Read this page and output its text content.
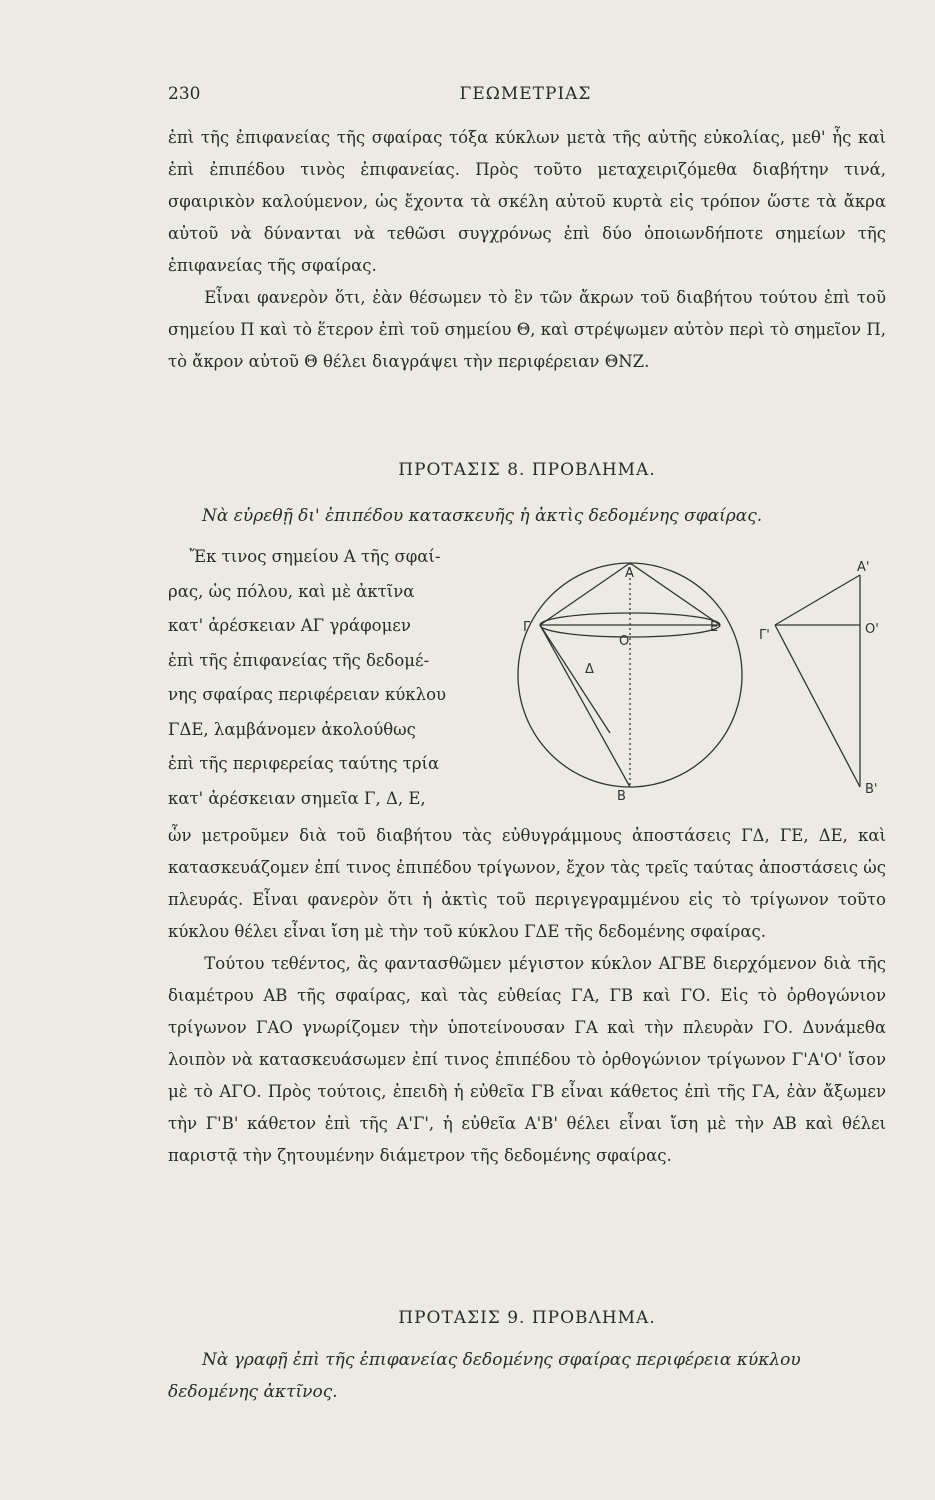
230	ΓΕΩΜΕΤΡΙΑΣ

ἐπὶ τῆς ἐπιφανείας τῆς σφαίρας τόξα κύκλων μετὰ τῆς αὐτῆς εὐκολίας, μεθ' ἧς καὶ ἐπὶ ἐπιπέδου τινὸς ἐπιφανείας. Πρὸς τοῦτο μεταχειριζόμεθα διαβήτην τινά, σφαιρικὸν καλούμενον, ὡς ἔχοντα τὰ σκέλη αὐτοῦ κυρτὰ εἰς τρόπον ὥστε τὰ ἄκρα αὐτοῦ νὰ δύνανται νὰ τεθῶσι συγχρόνως ἐπὶ δύο ὁποιωνδήποτε σημείων τῆς ἐπιφανείας τῆς σφαίρας.

Εἶναι φανερὸν ὅτι, ἐὰν θέσωμεν τὸ ἓν τῶν ἄκρων τοῦ διαβήτου τούτου ἐπὶ τοῦ σημείου Π καὶ τὸ ἕτερον ἐπὶ τοῦ σημείου Θ, καὶ στρέψωμεν αὐτὸν περὶ τὸ σημεῖον Π, τὸ ἄκρον αὐτοῦ Θ θέλει διαγράψει τὴν περιφέρειαν ΘΝΖ.

ΠΡΟΤΑΣΙΣ 8. ΠΡΟΒΛΗΜΑ.
Νὰ εὑρεθῇ δι' ἐπιπέδου κατασκευῆς ἡ ἀκτὶς δεδομένης σφαίρας.

Ἔκ τινος σημείου Α τῆς σφαί-

ρας, ὡς πόλου, καὶ μὲ ἀκτῖνα

κατ' ἀρέσκειαν ΑΓ γράφομεν

ἐπὶ τῆς ἐπιφανείας τῆς δεδομέ-

νης σφαίρας περιφέρειαν κύκλου

ΓΔΕ, λαμβάνομεν ἀκολούθως

ἐπὶ τῆς περιφερείας ταύτης τρία

κατ' ἀρέσκειαν σημεῖα Γ, Δ, Ε,

Α
Γ	Ε
Ο
Δ
Β
Α'
Γ'	Ο'
Β'

ὧν μετροῦμεν διὰ τοῦ διαβήτου τὰς εὐθυγράμμους ἀποστάσεις ΓΔ, ΓΕ, ΔΕ, καὶ κατασκευάζομεν ἐπί τινος ἐπιπέδου τρίγωνον, ἔχον τὰς τρεῖς ταύτας ἀποστάσεις ὡς πλευράς. Εἶναι φανερὸν ὅτι ἡ ἀκτὶς τοῦ περιγεγραμμένου εἰς τὸ τρίγωνον τοῦτο κύκλου θέλει εἶναι ἴση μὲ τὴν τοῦ κύκλου ΓΔΕ τῆς δεδομένης σφαίρας.

Τούτου τεθέντος, ἂς φαντασθῶμεν μέγιστον κύκλον ΑΓΒΕ διερχόμενον διὰ τῆς διαμέτρου ΑΒ τῆς σφαίρας, καὶ τὰς εὐθείας ΓΑ, ΓΒ καὶ ΓΟ. Εἰς τὸ ὀρθογώνιον τρίγωνον ΓΑΟ γνωρίζομεν τὴν ὑποτείνουσαν ΓΑ καὶ τὴν πλευρὰν ΓΟ. Δυνάμεθα λοιπὸν νὰ κατασκευάσωμεν ἐπί τινος ἐπιπέδου τὸ ὀρθογώνιον τρίγωνον Γ'Α'Ο' ἴσον μὲ τὸ ΑΓΟ. Πρὸς τούτοις, ἐπειδὴ ἡ εὐθεῖα ΓΒ εἶναι κάθετος ἐπὶ τῆς ΓΑ, ἐὰν ἄξωμεν τὴν Γ'Β' κάθετον ἐπὶ τῆς Α'Γ', ἡ εὐθεῖα Α'Β' θέλει εἶναι ἴση μὲ τὴν ΑΒ καὶ θέλει παριστᾷ τὴν ζητουμένην διάμετρον τῆς δεδομένης σφαίρας.

ΠΡΟΤΑΣΙΣ 9. ΠΡΟΒΛΗΜΑ.
Νὰ γραφῇ ἐπὶ τῆς ἐπιφανείας δεδομένης σφαίρας περιφέρεια κύκλου δεδομένης ἀκτῖνος.
